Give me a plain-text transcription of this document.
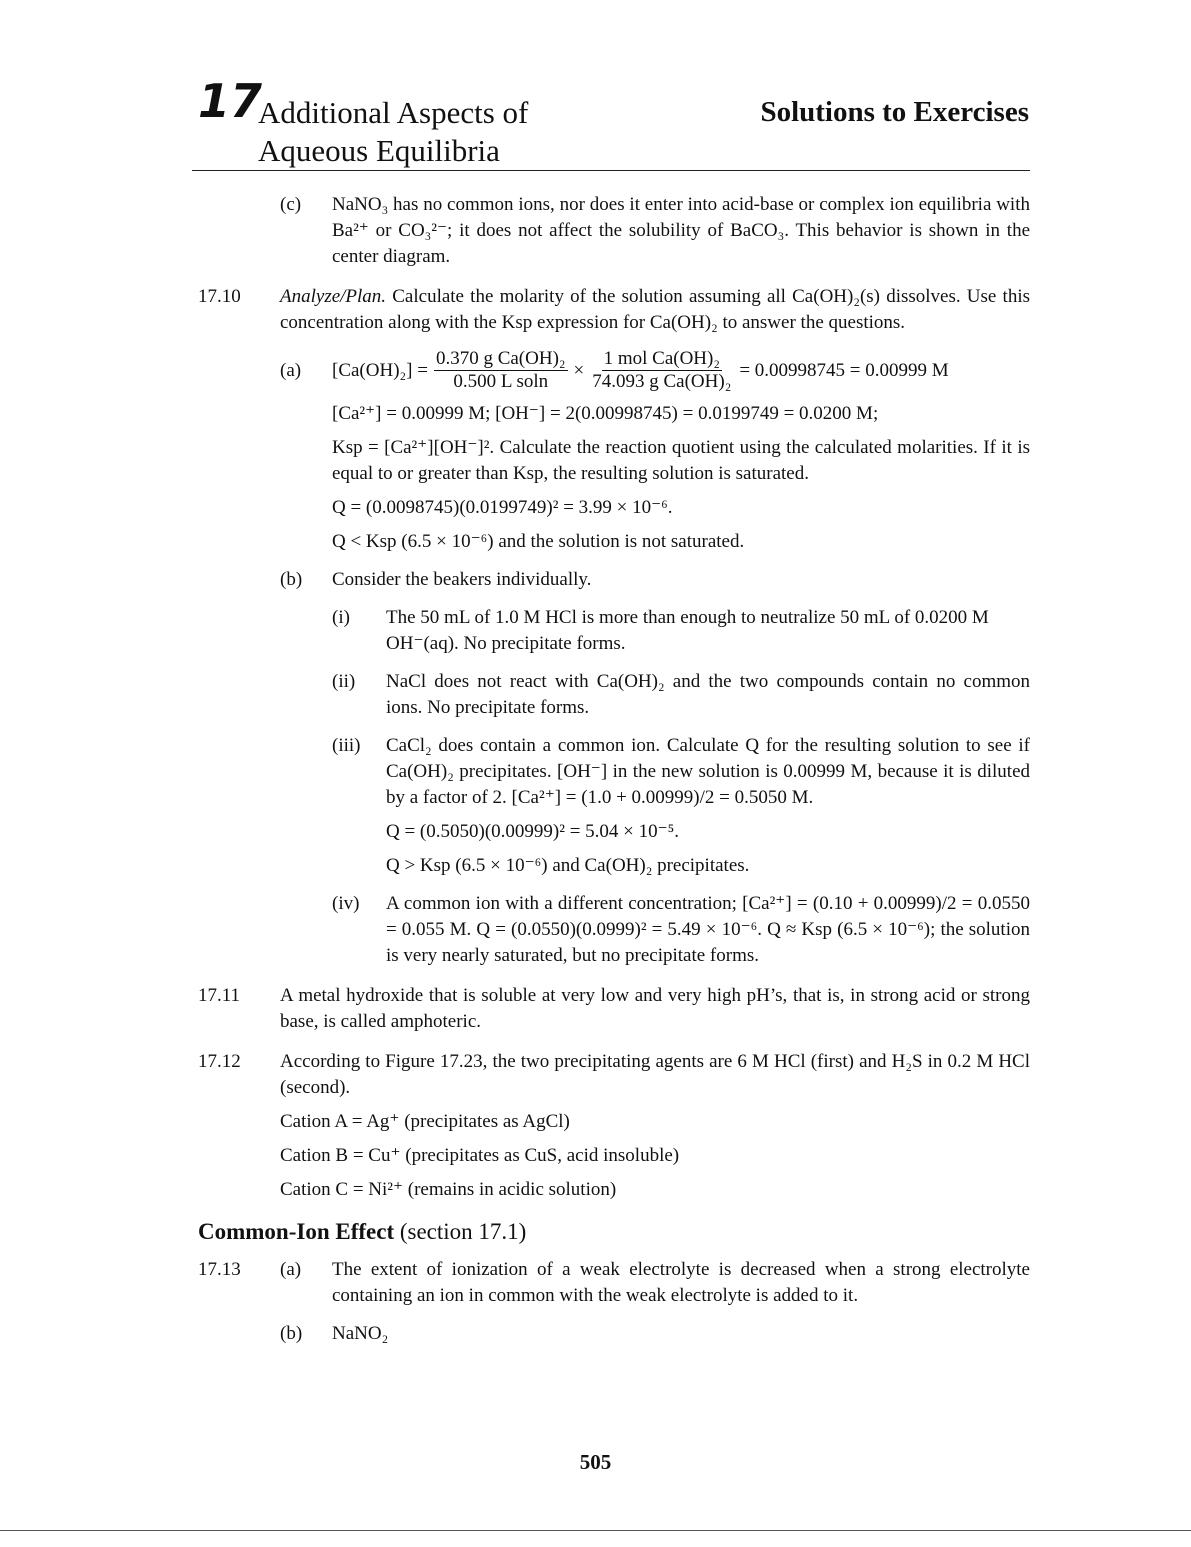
17
Additional Aspects of
Aqueous Equilibria
Solutions to Exercises
(c) NaNO₃ has no common ions, nor does it enter into acid-base or complex ion equilibria with Ba²⁺ or CO₃²⁻; it does not affect the solubility of BaCO₃. This behavior is shown in the center diagram.

17.10 Analyze/Plan. Calculate the molarity of the solution assuming all Ca(OH)₂(s) dissolves. Use this concentration along with the Ksp expression for Ca(OH)₂ to answer the questions.

(a) $[Ca(OH)_2] = \frac{\text{0.370 g Ca(OH)₂}}{\text{0.500 L soln}} \times \frac{\text{1 mol Ca(OH)₂}}{\text{74.093 g Ca(OH)₂}} = 0.00998745 = 0.00999$ M

[Ca²⁺] = 0.00999 M; [OH⁻] = 2(0.00998745) = 0.0199749 = 0.0200 M;

Ksp = [Ca²⁺][OH⁻]². Calculate the reaction quotient using the calculated molarities. If it is equal to or greater than Ksp, the resulting solution is saturated.

Q = (0.0098745)(0.0199749)² = 3.99 × 10⁻⁶.

Q < Ksp (6.5 × 10⁻⁶) and the solution is not saturated.

(b) Consider the beakers individually.

(i) The 50 mL of 1.0 M HCl is more than enough to neutralize 50 mL of 0.0200 M OH⁻(aq). No precipitate forms.

(ii) NaCl does not react with Ca(OH)₂ and the two compounds contain no common ions. No precipitate forms.

(iii) CaCl₂ does contain a common ion. Calculate Q for the resulting solution to see if Ca(OH)₂ precipitates. [OH⁻] in the new solution is 0.00999 M, because it is diluted by a factor of 2. [Ca²⁺] = (1.0 + 0.00999)/2 = 0.5050 M.

Q = (0.5050)(0.00999)² = 5.04 × 10⁻⁵.

Q > Ksp (6.5 × 10⁻⁶) and Ca(OH)₂ precipitates.

(iv) A common ion with a different concentration; [Ca²⁺] = (0.10 + 0.00999)/2 = 0.0550 = 0.055 M. Q = (0.0550)(0.0999)² = 5.49 × 10⁻⁶. Q ≈ Ksp (6.5 × 10⁻⁶); the solution is very nearly saturated, but no precipitate forms.

17.11 A metal hydroxide that is soluble at very low and very high pH’s, that is, in strong acid or strong base, is called amphoteric.

17.12 According to Figure 17.23, the two precipitating agents are 6 M HCl (first) and H₂S in 0.2 M HCl (second).

Cation A = Ag⁺ (precipitates as AgCl)

Cation B = Cu⁺ (precipitates as CuS, acid insoluble)

Cation C = Ni²⁺ (remains in acidic solution)

Common-Ion Effect (section 17.1)
17.13 (a) The extent of ionization of a weak electrolyte is decreased when a strong electrolyte containing an ion in common with the weak electrolyte is added to it.

(b) NaNO₂

505
